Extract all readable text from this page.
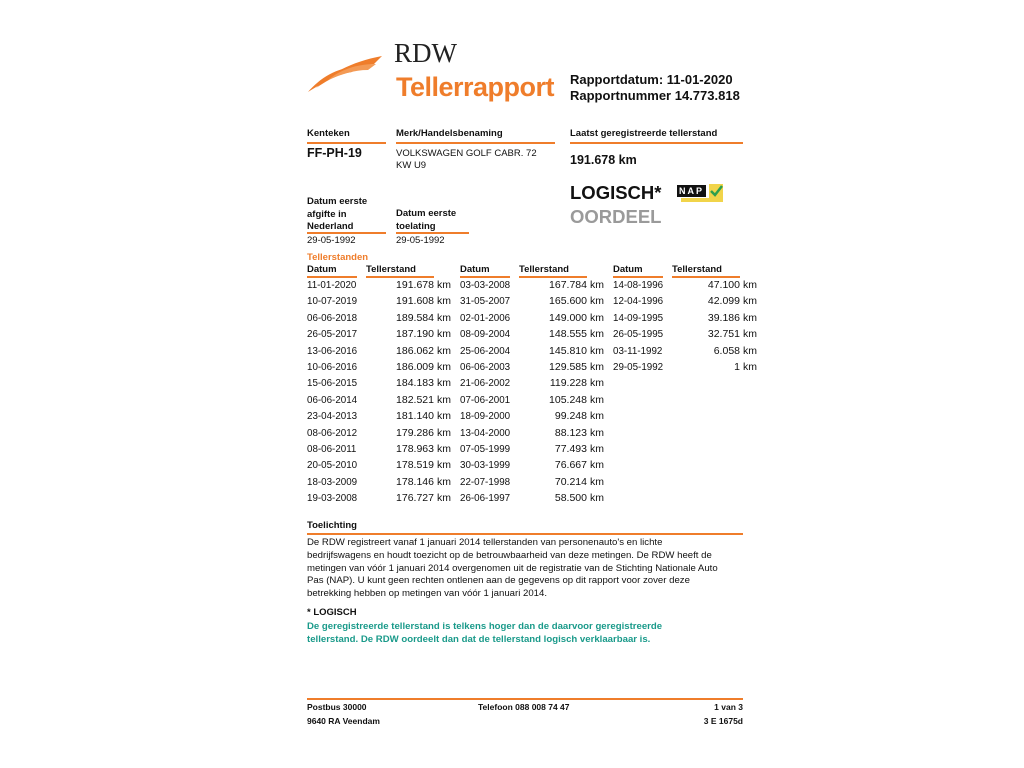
RDW
Tellerrapport Rapportdatum: 11-01-2020
Rapportnummer 14.773.818
Kenteken
FF-PH-19
Merk/Handelsbenaming
VOLKSWAGEN GOLF CABR. 72 KW U9
Laatst geregistreerde tellerstand
191.678 km
LOGISCH*
OORDEEL
NAP
Datum eerste
afgifte in
Nederland
29-05-1992
Datum eerste
toelating
29-05-1992
Tellerstanden
Datum	Tellerstand
11-01-2020	191.678 km
10-07-2019	191.608 km
06-06-2018	189.584 km
26-05-2017	187.190 km
13-06-2016	186.062 km
10-06-2016	186.009 km
15-06-2015	184.183 km
06-06-2014	182.521 km
23-04-2013	181.140 km
08-06-2012	179.286 km
08-06-2011	178.963 km
20-05-2010	178.519 km
18-03-2009	178.146 km
19-03-2008	176.727 km
Datum	Tellerstand
03-03-2008	167.784 km
31-05-2007	165.600 km
02-01-2006	149.000 km
08-09-2004	148.555 km
25-06-2004	145.810 km
06-06-2003	129.585 km
21-06-2002	119.228 km
07-06-2001	105.248 km
18-09-2000	99.248 km
13-04-2000	88.123 km
07-05-1999	77.493 km
30-03-1999	76.667 km
22-07-1998	70.214 km
26-06-1997	58.500 km
Datum	Tellerstand
14-08-1996	47.100 km
12-04-1996	42.099 km
14-09-1995	39.186 km
26-05-1995	32.751 km
03-11-1992	6.058 km
29-05-1992	1 km
Toelichting
De RDW registreert vanaf 1 januari 2014 tellerstanden van personenauto's en lichte
bedrijfswagens en houdt toezicht op de betrouwbaarheid van deze metingen. De RDW heeft de
metingen van vóór 1 januari 2014 overgenomen uit de registratie van de Stichting Nationale Auto
Pas (NAP). U kunt geen rechten ontlenen aan de gegevens op dit rapport voor zover deze
betrekking hebben op metingen van vóór 1 januari 2014.
* LOGISCH
De geregistreerde tellerstand is telkens hoger dan de daarvoor geregistreerde
tellerstand. De RDW oordeelt dan dat de tellerstand logisch verklaarbaar is.
Postbus 30000
9640 RA Veendam
Telefoon 088 008 74 47	1 van 3
3 E 1675d
